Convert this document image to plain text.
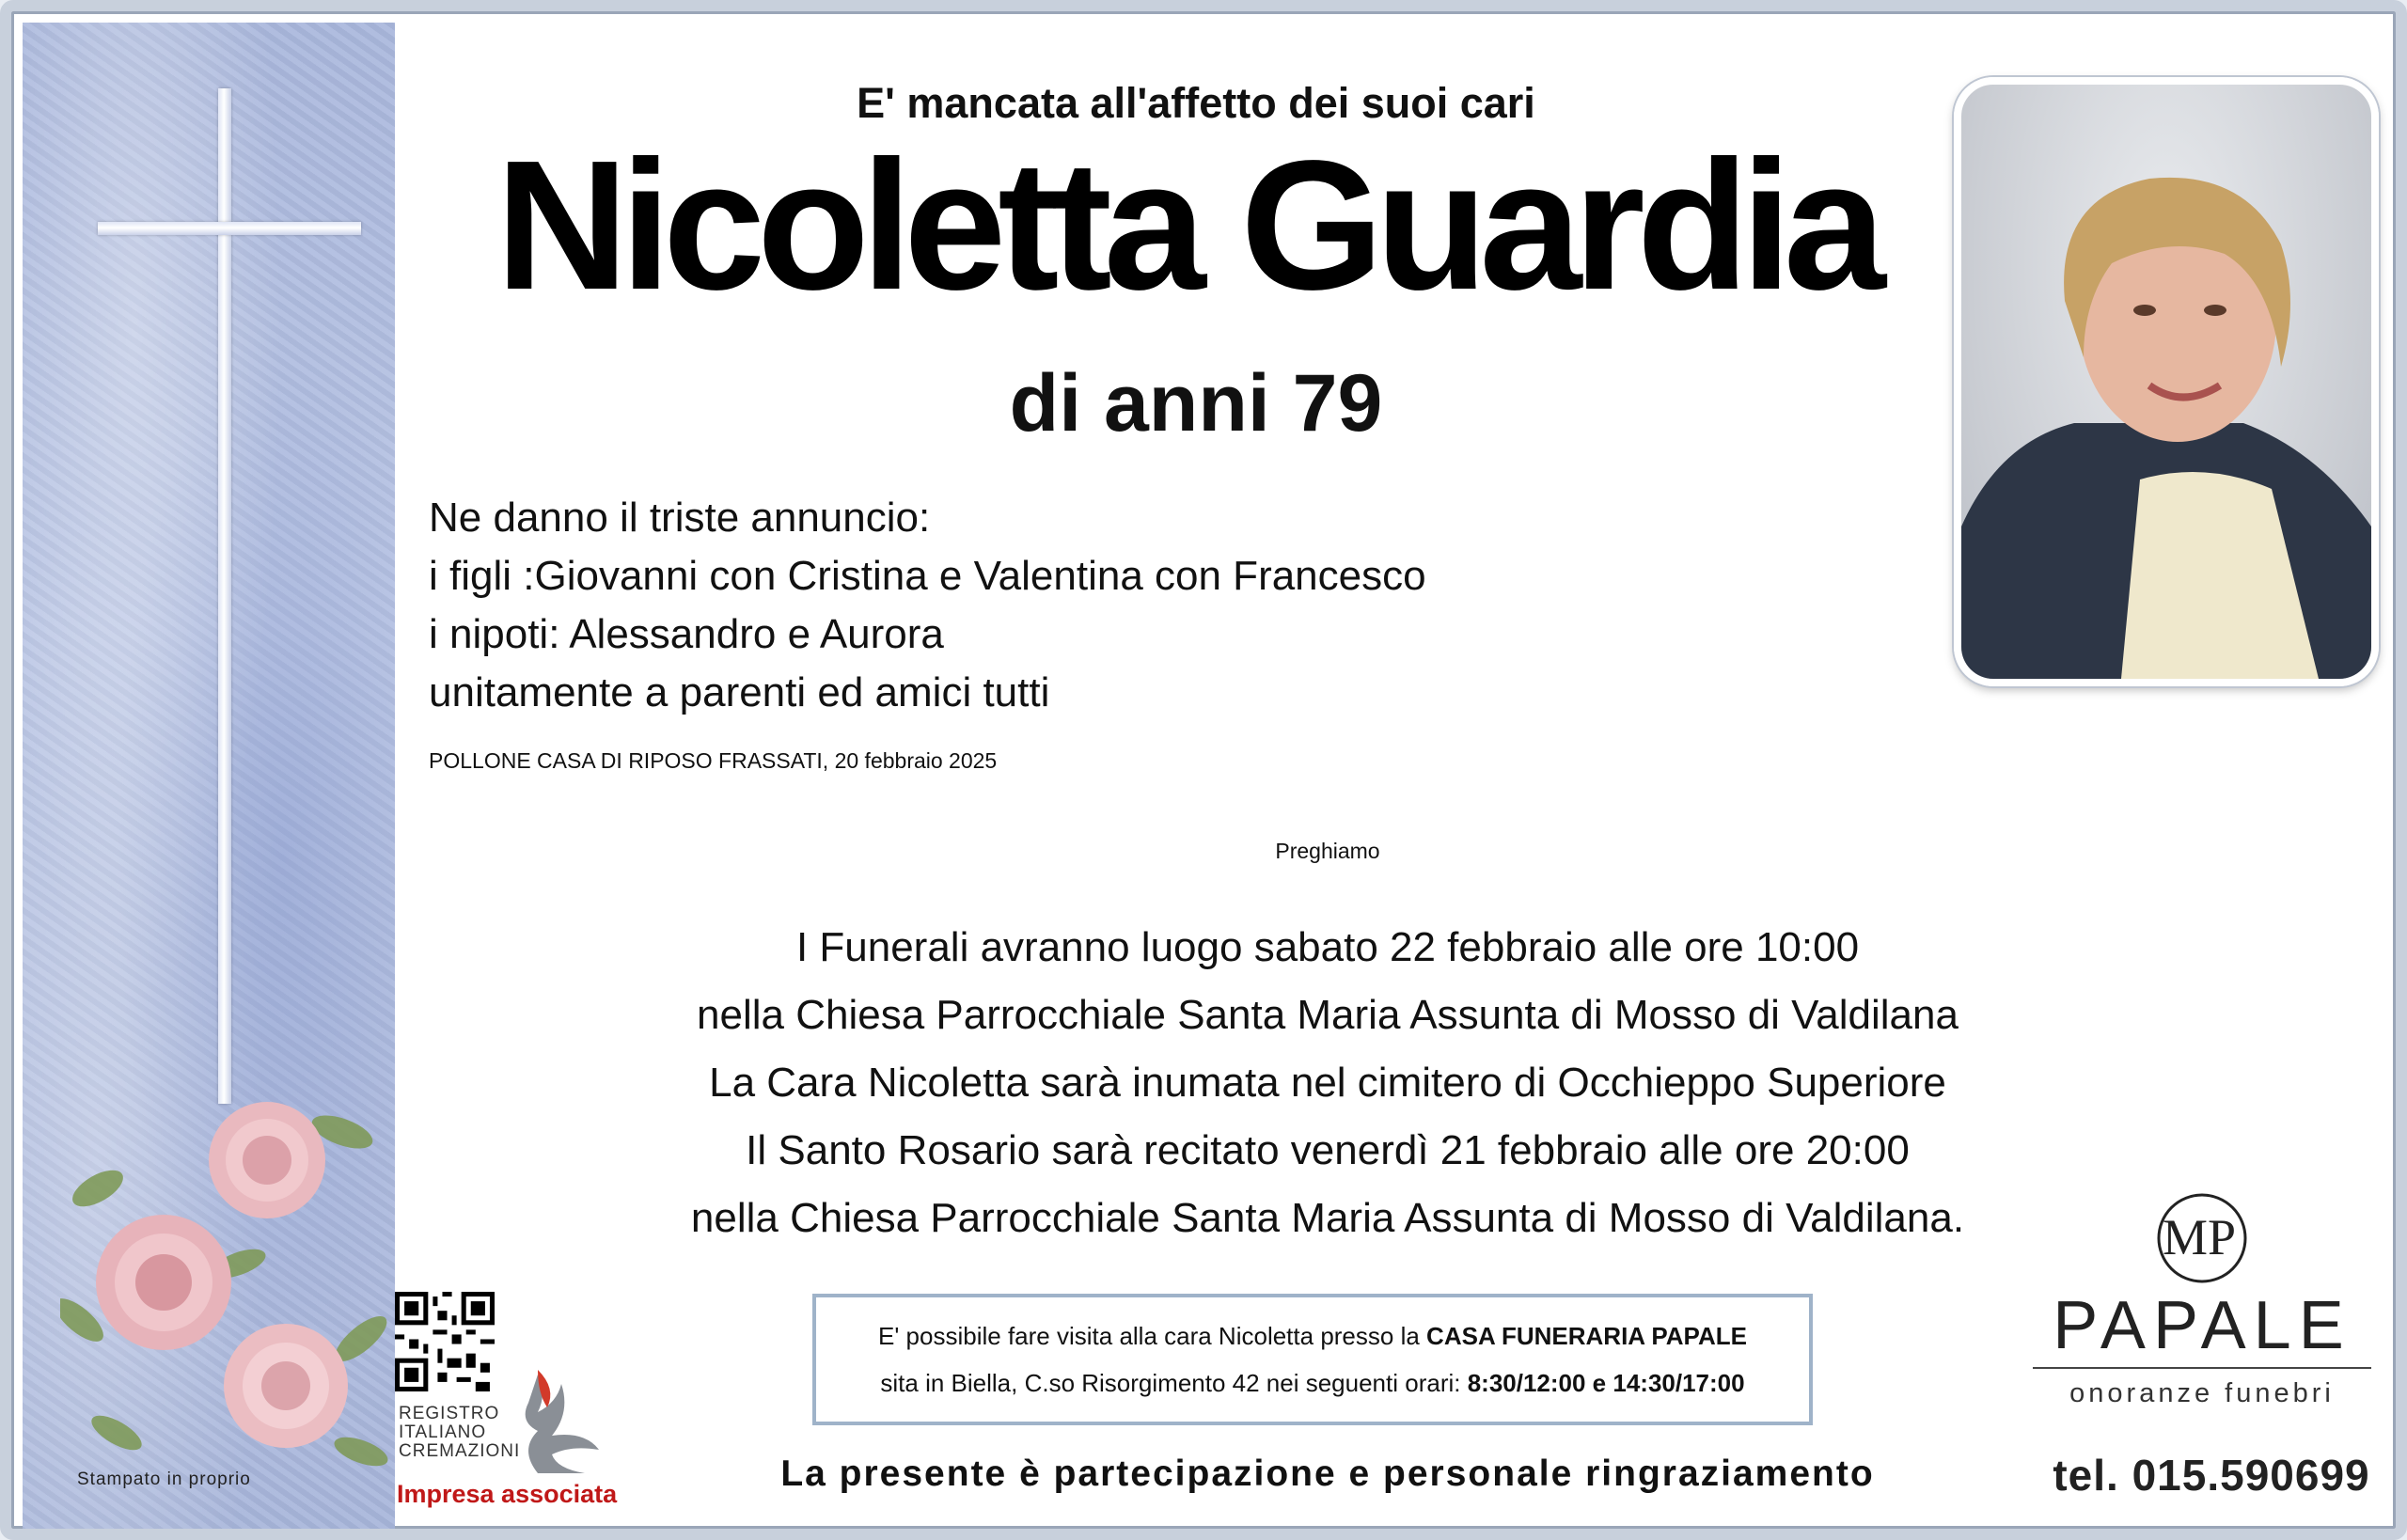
Stampato in proprio
E' mancata all'affetto dei suoi cari
Nicoletta Guardia
di anni 79
Ne danno il triste annuncio:
i figli :Giovanni con Cristina e Valentina con Francesco
i nipoti: Alessandro e Aurora
unitamente a parenti ed amici tutti
POLLONE CASA DI RIPOSO FRASSATI, 20 febbraio 2025
Preghiamo
I Funerali avranno luogo sabato 22 febbraio alle ore 10:00
nella Chiesa Parrocchiale Santa Maria Assunta di Mosso di Valdilana
La Cara Nicoletta sarà inumata nel cimitero di Occhieppo Superiore
Il Santo Rosario sarà recitato venerdì 21 febbraio alle ore 20:00
nella Chiesa Parrocchiale Santa Maria Assunta di Mosso di Valdilana.
E' possibile fare visita alla cara Nicoletta presso la CASA FUNERARIA PAPALE
sita in Biella, C.so Risorgimento 42 nei seguenti orari: 8:30/12:00 e 14:30/17:00
La presente è partecipazione e personale ringraziamento
REGISTRO
ITALIANO
CREMAZIONI
Impresa associata
MP
PAPALE
onoranze funebri
tel. 015.590699
